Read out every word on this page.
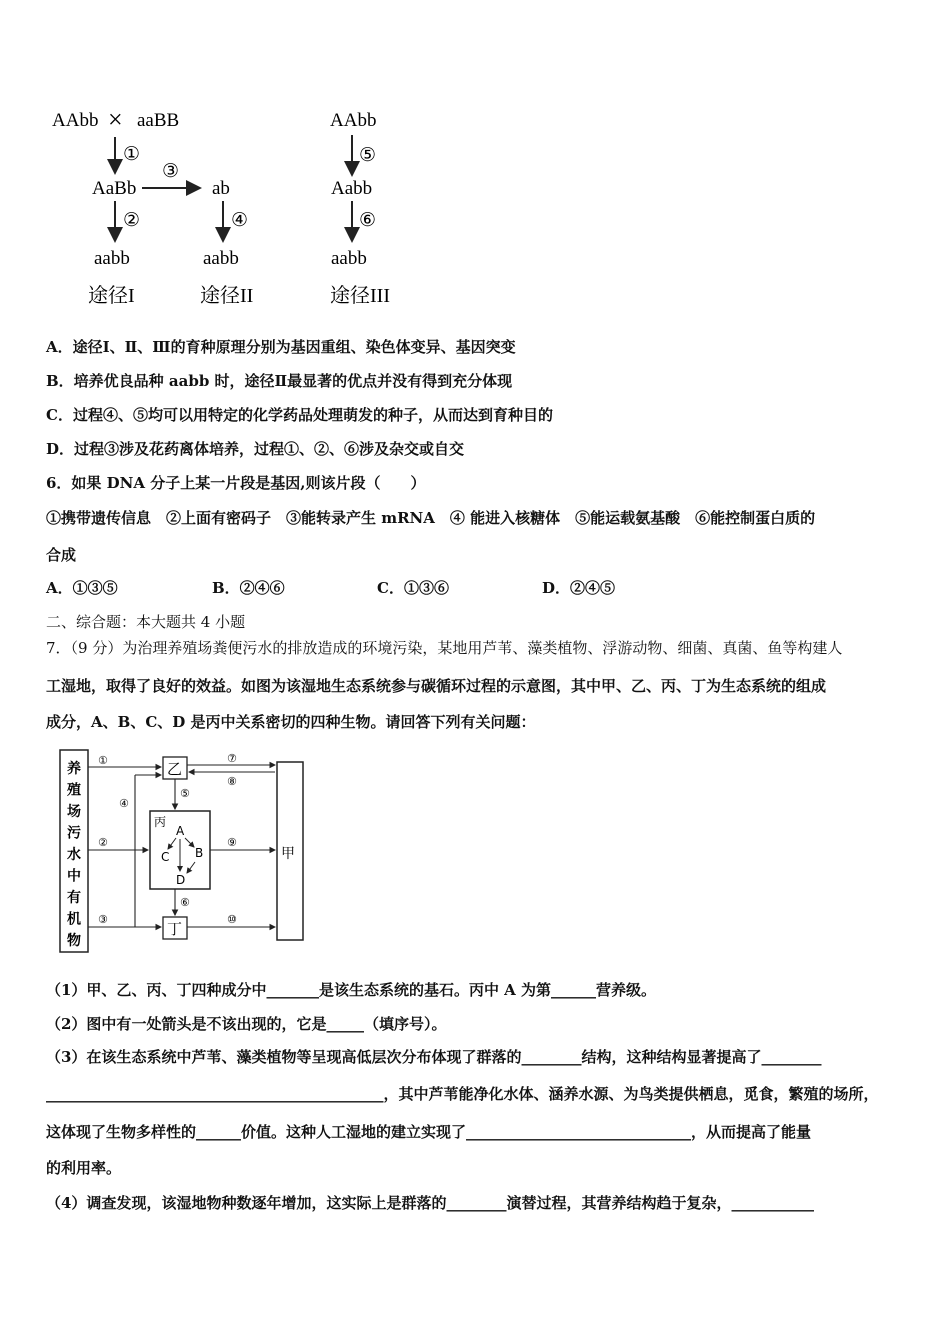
AAbb × aaBB
①
AaBb
③
ab
②	④
aabb	aabb
途径I	途径II
AAbb
⑤
Aabb
⑥
aabb
途径III
A．途径Ⅰ、Ⅱ、Ⅲ的育种原理分别为基因重组、染色体变异、基因突变
B．培养优良品种 aabb 时，途径Ⅱ最显著的优点并没有得到充分体现
C．过程④、⑤均可以用特定的化学药品处理萌发的种子，从而达到育种目的
D．过程③涉及花药离体培养，过程①、②、⑥涉及杂交或自交
6．如果 DNA 分子上某一片段是基因,则该片段（　　）
①携带遗传信息　②上面有密码子　③能转录产生 mRNA　④ 能进入核糖体　⑤能运载氨基酸　⑥能控制蛋白质的
合成
A．①③⑤	B．②④⑥	C．①③⑥	D．②④⑤
二、综合题：本大题共 4 小题
7．（9 分）为治理养殖场粪便污水的排放造成的环境污染，某地用芦苇、藻类植物、浮游动物、细菌、真菌、鱼等构建人
工湿地，取得了良好的效益。如图为该湿地生态系统参与碳循环过程的示意图，其中甲、乙、丙、丁为生态系统的组成
成分，A、B、C、D 是丙中关系密切的四种生物。请回答下列有关问题：
养
殖
场
污
水
中
有
机
物
甲
乙
丙
A
B
C
D
丁
①
②
③
④
⑤
⑥
⑦
⑧
⑨
⑩
（1）甲、乙、丙、丁四种成分中_______是该生态系统的基石。丙中 A 为第______营养级。
（2）图中有一处箭头是不该出现的，它是_____（填序号）。
（3）在该生态系统中芦苇、藻类植物等呈现高低层次分布体现了群落的________结构，这种结构显著提高了________
_____________________________________________，其中芦苇能净化水体、涵养水源、为鸟类提供栖息，觅食，繁殖的场所，
这体现了生物多样性的______价值。这种人工湿地的建立实现了______________________________，从而提高了能量
的利用率。
（4）调查发现，该湿地物种数逐年增加，这实际上是群落的________演替过程，其营养结构趋于复杂，___________
